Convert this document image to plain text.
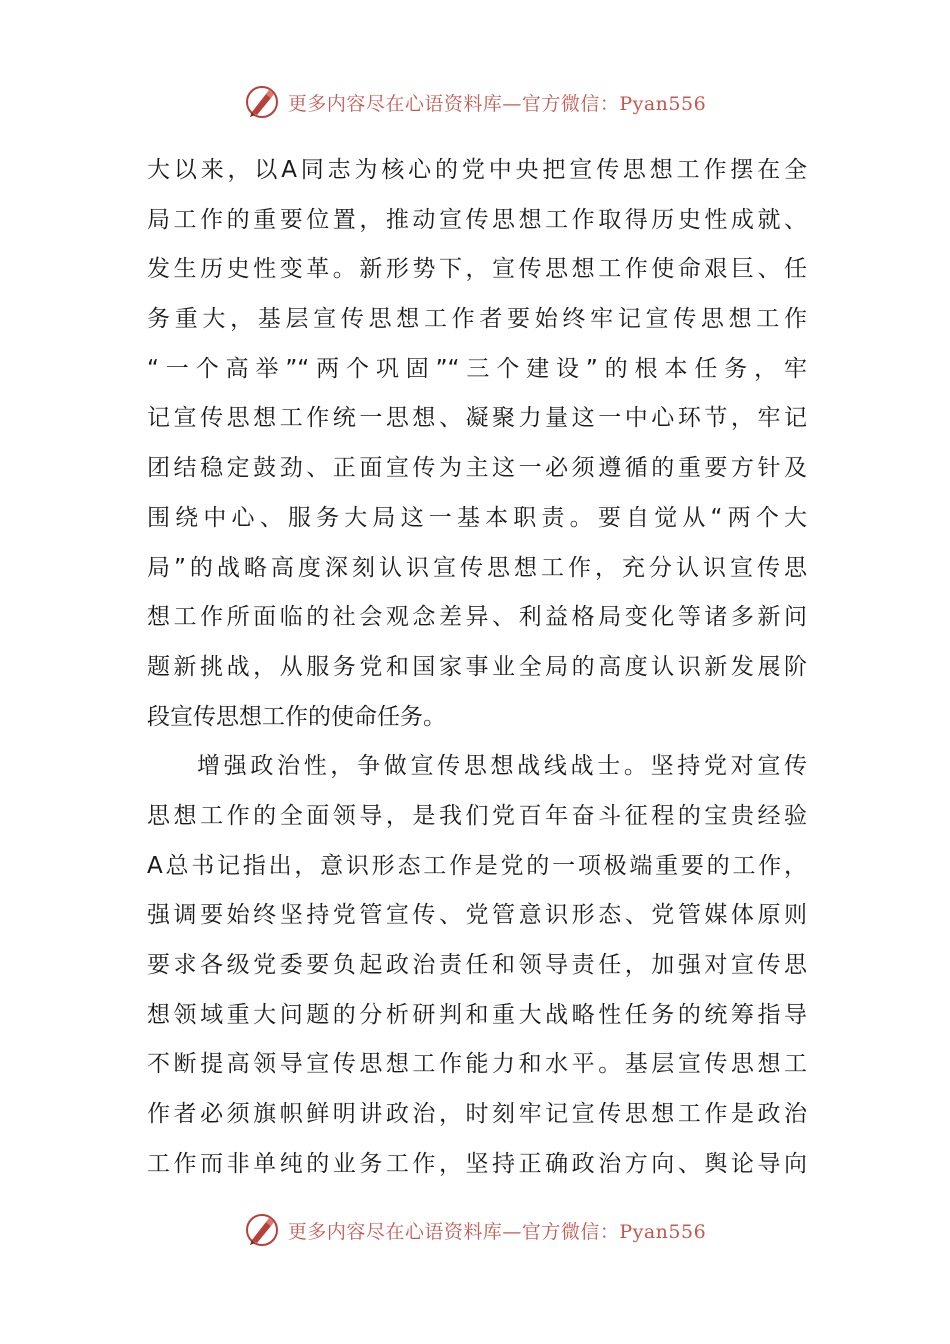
更多内容尽在心语资料库—官方微信：Pyan556
大以来，以A同志为核心的党中央把宣传思想工作摆在全
局工作的重要位置，推动宣传思想工作取得历史性成就、
发生历史性变革。新形势下，宣传思想工作使命艰巨、任
务重大，基层宣传思想工作者要始终牢记宣传思想工作
“一个高举”“两个巩固”“三个建设”的根本任务，牢
记宣传思想工作统一思想、凝聚力量这一中心环节，牢记
团结稳定鼓劲、正面宣传为主这一必须遵循的重要方针及
围绕中心、服务大局这一基本职责。要自觉从“两个大
局”的战略高度深刻认识宣传思想工作，充分认识宣传思
想工作所面临的社会观念差异、利益格局变化等诸多新问
题新挑战，从服务党和国家事业全局的高度认识新发展阶
段宣传思想工作的使命任务。
增强政治性，争做宣传思想战线战士。坚持党对宣传
思想工作的全面领导，是我们党百年奋斗征程的宝贵经验
A总书记指出，意识形态工作是党的一项极端重要的工作，
强调要始终坚持党管宣传、党管意识形态、党管媒体原则
要求各级党委要负起政治责任和领导责任，加强对宣传思
想领域重大问题的分析研判和重大战略性任务的统筹指导
不断提高领导宣传思想工作能力和水平。基层宣传思想工
作者必须旗帜鲜明讲政治，时刻牢记宣传思想工作是政治
工作而非单纯的业务工作，坚持正确政治方向、舆论导向
更多内容尽在心语资料库—官方微信：Pyan556
